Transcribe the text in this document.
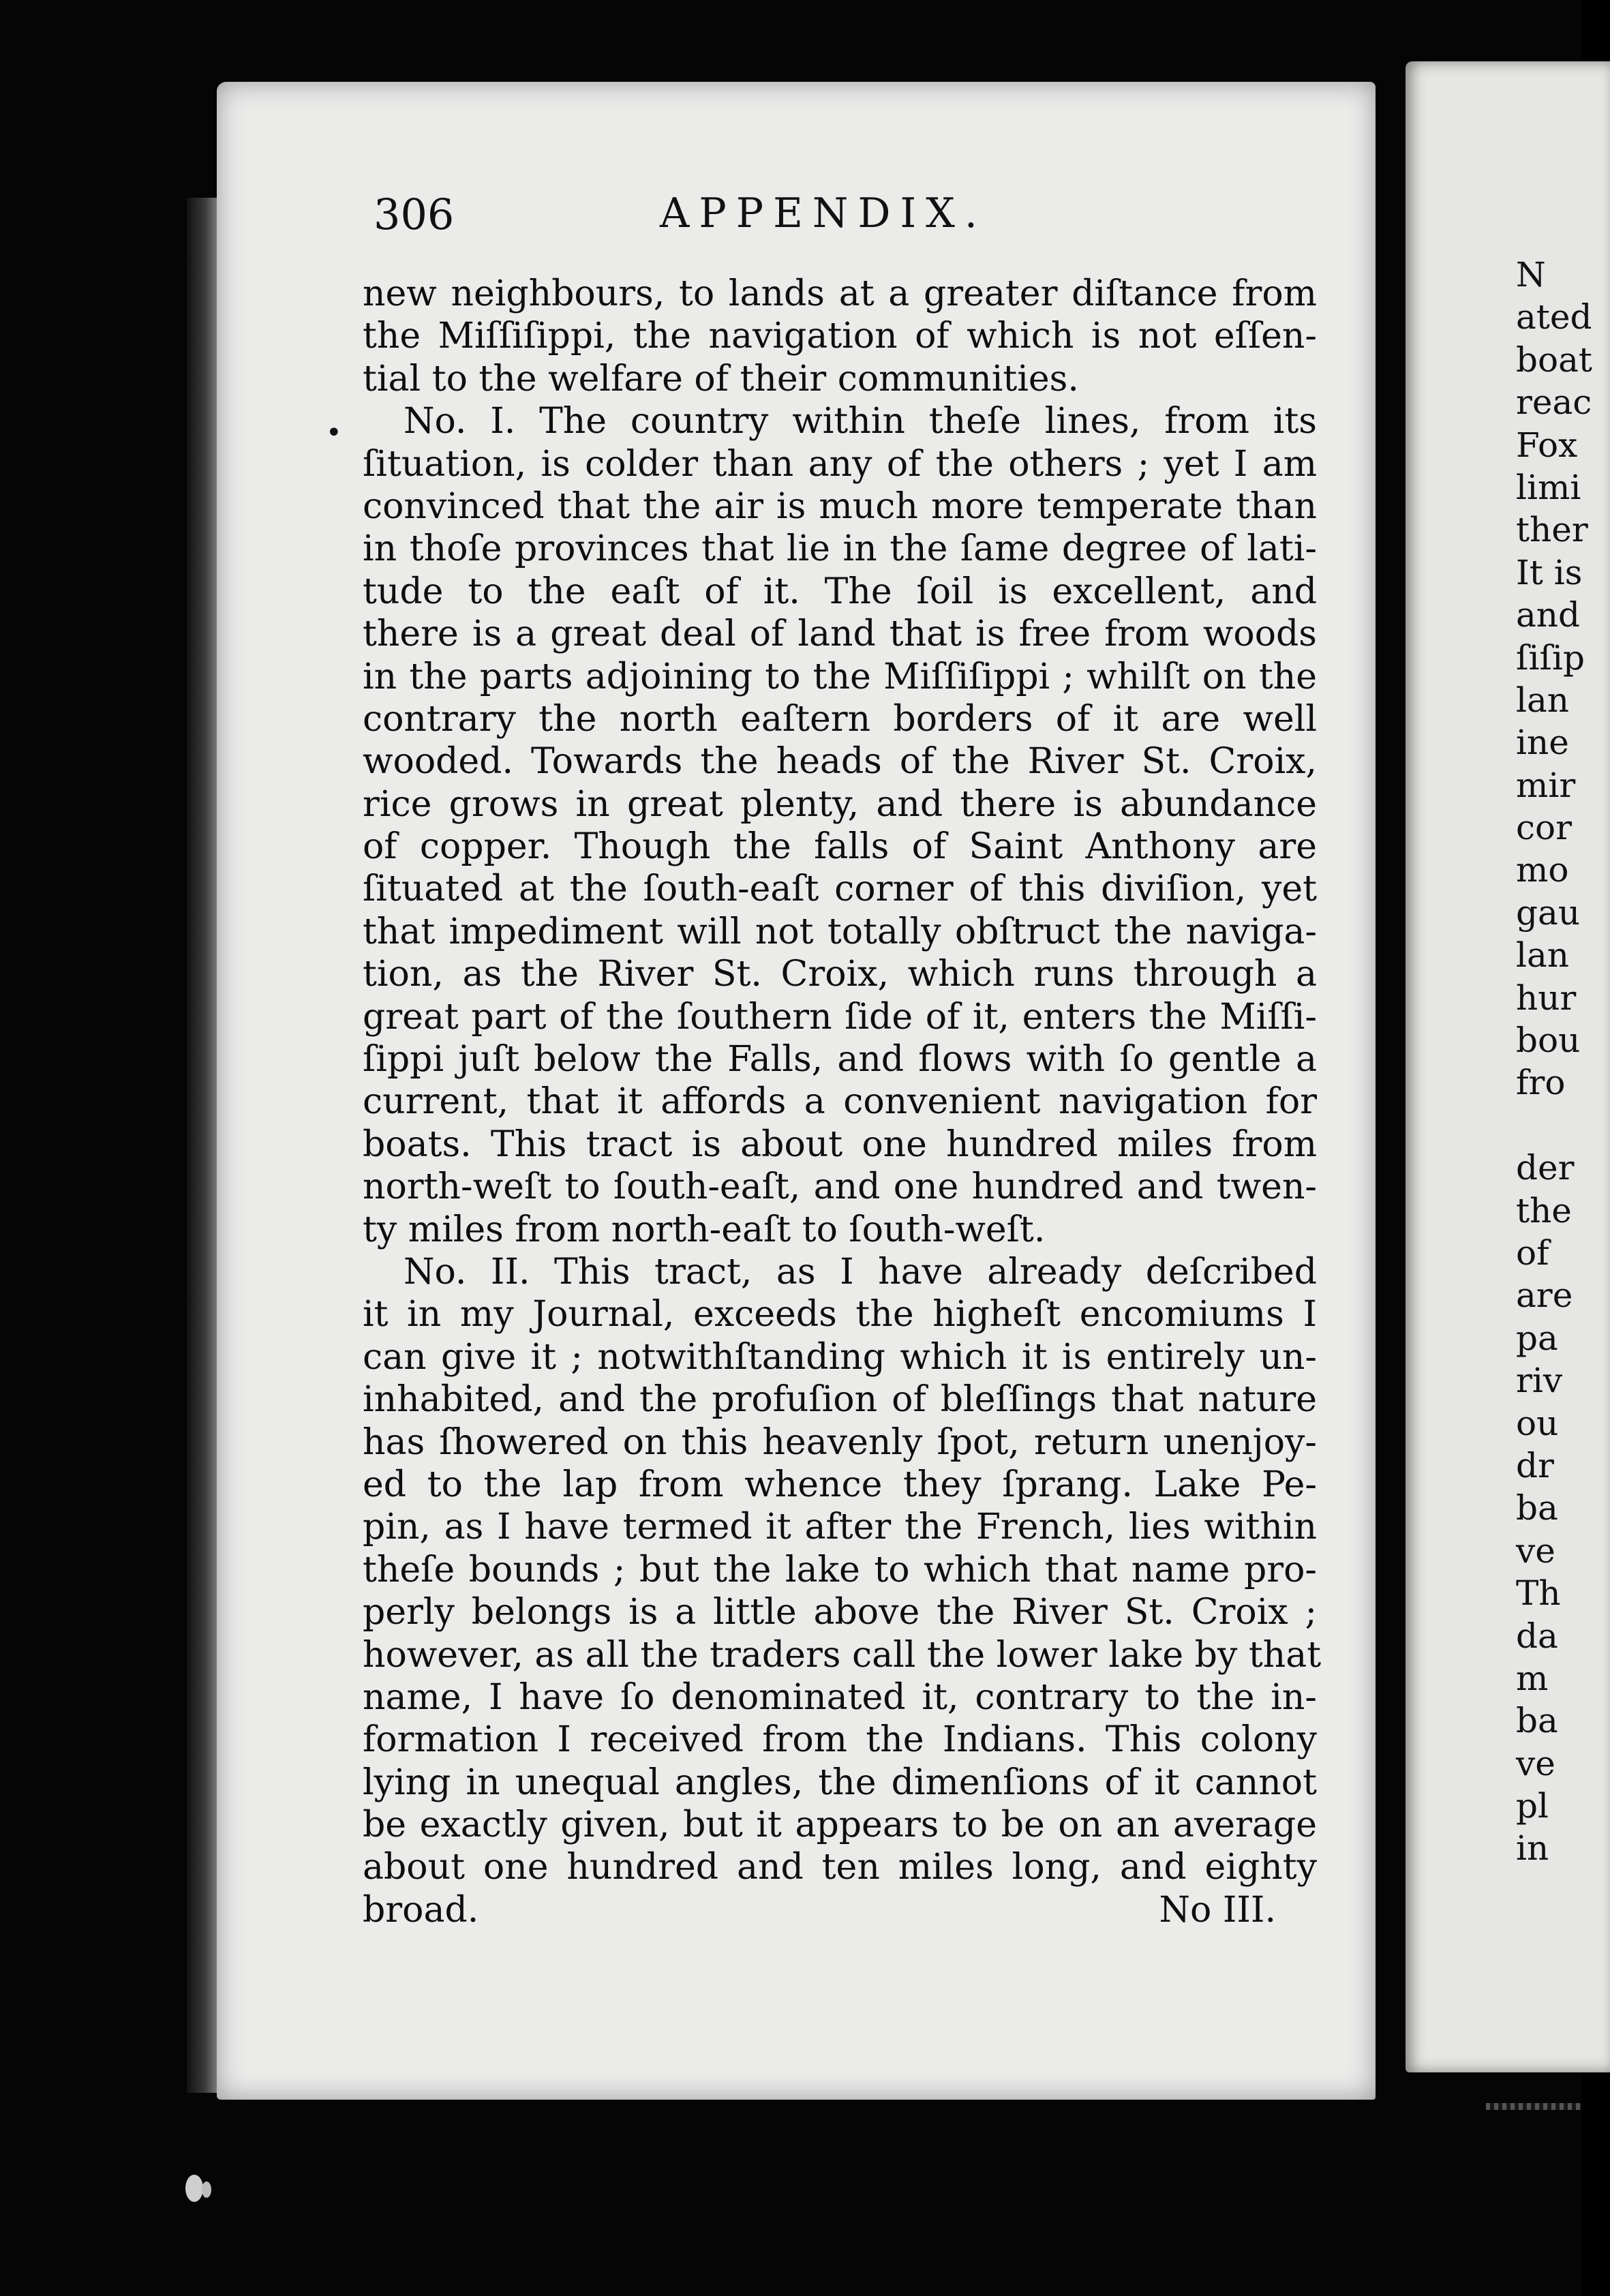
306	APPENDIX.
•
new neighbours, to lands at a greater diſtance from
the Miſſiſippi, the navigation of which is not eſſen-
tial to the welfare of their communities.
No. I. The country within theſe lines, from its
ſituation, is colder than any of the others ; yet I am
convinced that the air is much more temperate than
in thoſe provinces that lie in the ſame degree of lati-
tude to the eaſt of it. The ſoil is excellent, and
there is a great deal of land that is free from woods
in the parts adjoining to the Miſſiſippi ; whilſt on the
contrary the north eaſtern borders of it are well
wooded. Towards the heads of the River St. Croix,
rice grows in great plenty, and there is abundance
of copper. Though the falls of Saint Anthony are
ſituated at the ſouth-eaſt corner of this diviſion, yet
that impediment will not totally obſtruct the naviga-
tion, as the River St. Croix, which runs through a
great part of the ſouthern ſide of it, enters the Miſſi-
ſippi juſt below the Falls, and flows with ſo gentle a
current, that it affords a convenient navigation for
boats. This tract is about one hundred miles from
north-weſt to ſouth-eaſt, and one hundred and twen-
ty miles from north-eaſt to ſouth-weſt.
No. II. This tract, as I have already deſcribed
it in my Journal, exceeds the higheſt encomiums I
can give it ; notwithſtanding which it is entirely un-
inhabited, and the profuſion of bleſſings that nature
has ſhowered on this heavenly ſpot, return unenjoy-
ed to the lap from whence they ſprang. Lake Pe-
pin, as I have termed it after the French, lies within
theſe bounds ; but the lake to which that name pro-
perly belongs is a little above the River St. Croix ;
however, as all the traders call the lower lake by that
name, I have ſo denominated it, contrary to the in-
formation I received from the Indians. This colony
lying in unequal angles, the dimenſions of it cannot
be exactly given, but it appears to be on an average
about one hundred and ten miles long, and eighty
broad.	No III.
N
ated
boat
reac
Fox
limi
ther
It is
and
ſiſip
lan
ine
mir
cor
mo
gau
lan
hur
bou
fro
der
the
of
are
pa
riv
ou
dr
ba
ve
Th
da
m
ba
ve
pl
in
